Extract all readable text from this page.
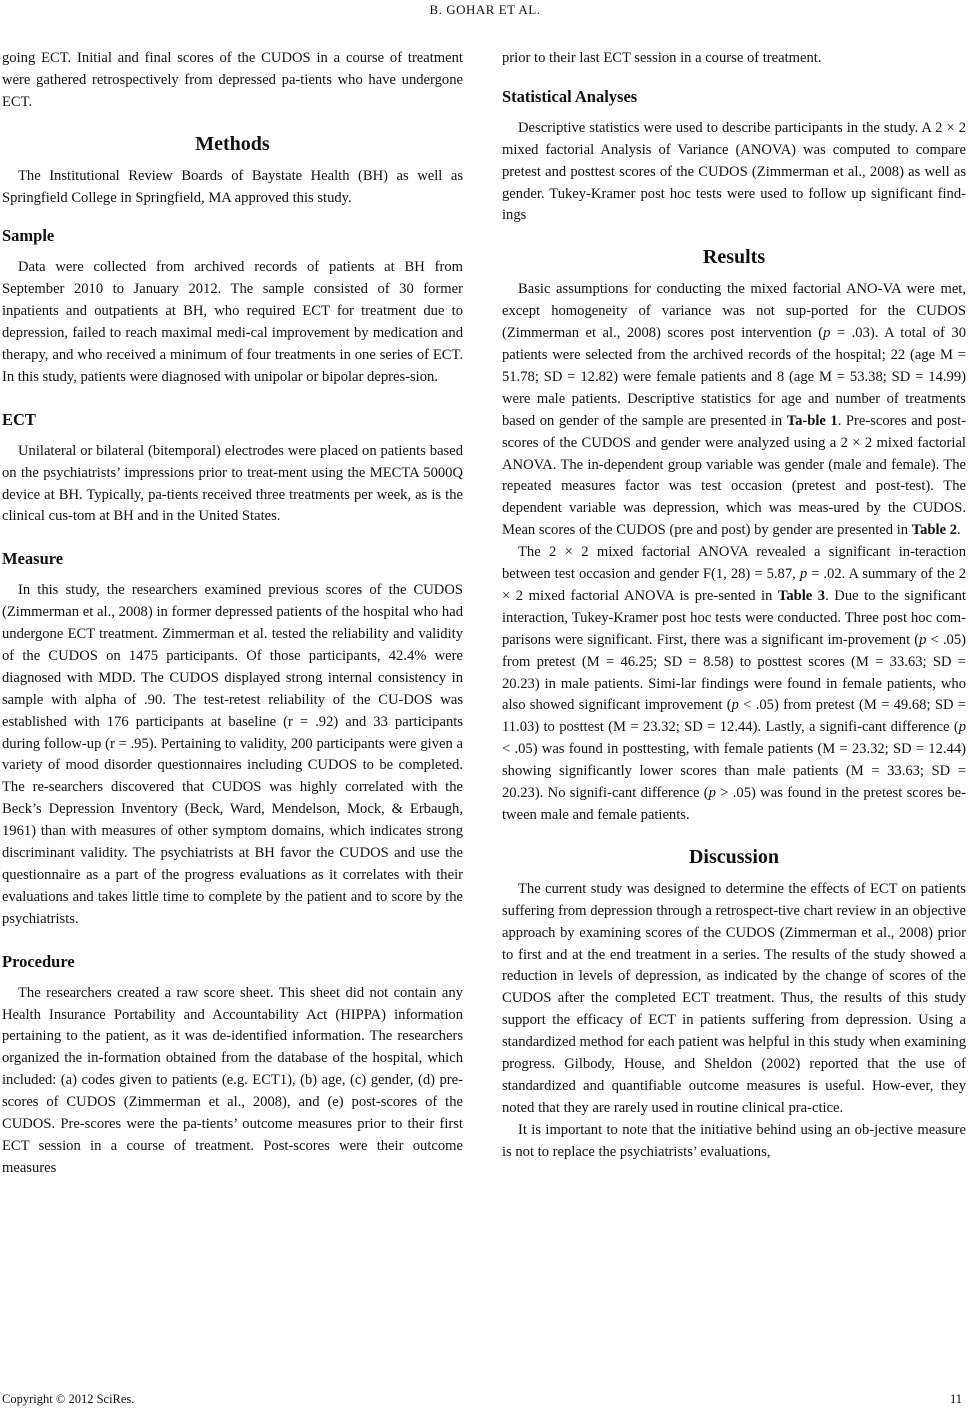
B. GOHAR ET AL.

going ECT. Initial and final scores of the CUDOS in a course of treatment were gathered retrospectively from depressed pa-tients who have undergone ECT.

Methods

The Institutional Review Boards of Baystate Health (BH) as well as Springfield College in Springfield, MA approved this study.

Sample

Data were collected from archived records of patients at BH from September 2010 to January 2012. The sample consisted of 30 former inpatients and outpatients at BH, who required ECT for treatment due to depression, failed to reach maximal medi-cal improvement by medication and therapy, and who received a minimum of four treatments in one series of ECT. In this study, patients were diagnosed with unipolar or bipolar depres-sion.

ECT

Unilateral or bilateral (bitemporal) electrodes were placed on patients based on the psychiatrists’ impressions prior to treat-ment using the MECTA 5000Q device at BH. Typically, pa-tients received three treatments per week, as is the clinical cus-tom at BH and in the United States.

Measure

In this study, the researchers examined previous scores of the CUDOS (Zimmerman et al., 2008) in former depressed patients of the hospital who had undergone ECT treatment. Zimmerman et al. tested the reliability and validity of the CUDOS on 1475 participants. Of those participants, 42.4% were diagnosed with MDD. The CUDOS displayed strong internal consistency in sample with alpha of .90. The test-retest reliability of the CU-DOS was established with 176 participants at baseline (r = .92) and 33 participants during follow-up (r = .95). Pertaining to validity, 200 participants were given a variety of mood disorder questionnaires including CUDOS to be completed. The re-searchers discovered that CUDOS was highly correlated with the Beck’s Depression Inventory (Beck, Ward, Mendelson, Mock, & Erbaugh, 1961) than with measures of other symptom domains, which indicates strong discriminant validity. The psychiatrists at BH favor the CUDOS and use the questionnaire as a part of the progress evaluations as it correlates with their evaluations and takes little time to complete by the patient and to score by the psychiatrists.

Procedure

The researchers created a raw score sheet. This sheet did not contain any Health Insurance Portability and Accountability Act (HIPPA) information pertaining to the patient, as it was de-identified information. The researchers organized the in-formation obtained from the database of the hospital, which included: (a) codes given to patients (e.g. ECT1), (b) age, (c) gender, (d) pre-scores of CUDOS (Zimmerman et al., 2008), and (e) post-scores of the CUDOS. Pre-scores were the pa-tients’ outcome measures prior to their first ECT session in a course of treatment. Post-scores were their outcome measures

prior to their last ECT session in a course of treatment.

Statistical Analyses

Descriptive statistics were used to describe participants in the study. A 2 × 2 mixed factorial Analysis of Variance (ANOVA) was computed to compare pretest and posttest scores of the CUDOS (Zimmerman et al., 2008) as well as gender. Tukey-Kramer post hoc tests were used to follow up significant find-ings

Results

Basic assumptions for conducting the mixed factorial ANO-VA were met, except homogeneity of variance was not sup-ported for the CUDOS (Zimmerman et al., 2008) scores post intervention (p = .03). A total of 30 patients were selected from the archived records of the hospital; 22 (age M = 51.78; SD = 12.82) were female patients and 8 (age M = 53.38; SD = 14.99) were male patients. Descriptive statistics for age and number of treatments based on gender of the sample are presented in Ta-ble 1. Pre-scores and post-scores of the CUDOS and gender were analyzed using a 2 × 2 mixed factorial ANOVA. The in-dependent group variable was gender (male and female). The repeated measures factor was test occasion (pretest and post-test). The dependent variable was depression, which was meas-ured by the CUDOS. Mean scores of the CUDOS (pre and post) by gender are presented in Table 2.

The 2 × 2 mixed factorial ANOVA revealed a significant in-teraction between test occasion and gender F(1, 28) = 5.87, p = .02. A summary of the 2 × 2 mixed factorial ANOVA is pre-sented in Table 3. Due to the significant interaction, Tukey-Kramer post hoc tests were conducted. Three post hoc com-parisons were significant. First, there was a significant im-provement (p < .05) from pretest (M = 46.25; SD = 8.58) to posttest scores (M = 33.63; SD = 20.23) in male patients. Simi-lar findings were found in female patients, who also showed significant improvement (p < .05) from pretest (M = 49.68; SD = 11.03) to posttest (M = 23.32; SD = 12.44). Lastly, a signifi-cant difference (p < .05) was found in posttesting, with female patients (M = 23.32; SD = 12.44) showing significantly lower scores than male patients (M = 33.63; SD = 20.23). No signifi-cant difference (p > .05) was found in the pretest scores be-tween male and female patients.

Discussion

The current study was designed to determine the effects of ECT on patients suffering from depression through a retrospect-tive chart review in an objective approach by examining scores of the CUDOS (Zimmerman et al., 2008) prior to first and at the end treatment in a series. The results of the study showed a reduction in levels of depression, as indicated by the change of scores of the CUDOS after the completed ECT treatment. Thus, the results of this study support the efficacy of ECT in patients suffering from depression. Using a standardized method for each patient was helpful in this study when examining progress. Gilbody, House, and Sheldon (2002) reported that the use of standardized and quantifiable outcome measures is useful. How-ever, they noted that they are rarely used in routine clinical pra-ctice.

It is important to note that the initiative behind using an ob-jective measure is not to replace the psychiatrists’ evaluations,

Copyright © 2012 SciRes.	11
